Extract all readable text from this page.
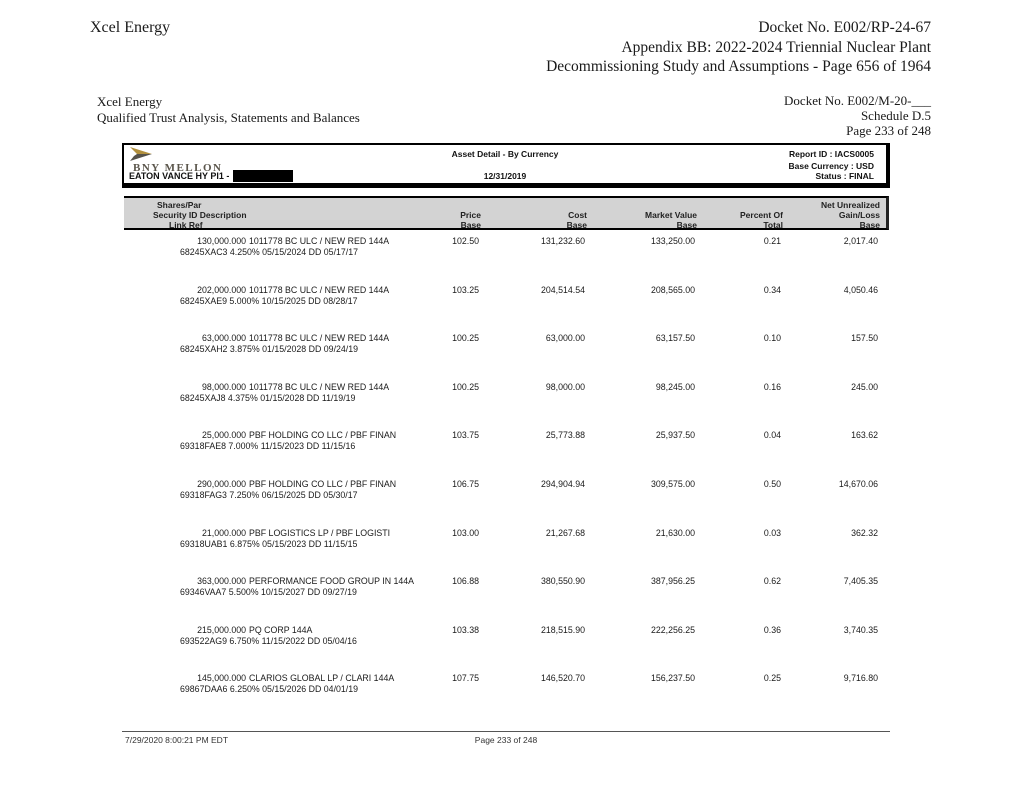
Xcel Energy	Docket No. E002/RP-24-67
Appendix BB: 2022-2024 Triennial Nuclear Plant
Decommissioning Study and Assumptions - Page 656 of 1964
Xcel Energy
Qualified Trust Analysis, Statements and Balances
Docket No. E002/M-20-___
Schedule D.5
Page 233 of 248
BNY MELLON
Asset Detail - By Currency	Report ID : IACS0005
Base Currency : USD
EATON VANCE HY PI1 -	12/31/2019	Status : FINAL
Shares/Par	Net Unrealized
Security ID Description	Price	Cost	Market Value	Percent Of	Gain/Loss
Link Ref	Base	Base	Base	Total	Base
130,000.000 1011778 BC ULC / NEW RED 144A	102.50	131,232.60	133,250.00	0.21	2,017.40
68245XAC3 4.250% 05/15/2024 DD 05/17/17
202,000.000 1011778 BC ULC / NEW RED 144A	103.25	204,514.54	208,565.00	0.34	4,050.46
68245XAE9 5.000% 10/15/2025 DD 08/28/17
63,000.000 1011778 BC ULC / NEW RED 144A	100.25	63,000.00	63,157.50	0.10	157.50
68245XAH2 3.875% 01/15/2028 DD 09/24/19
98,000.000 1011778 BC ULC / NEW RED 144A	100.25	98,000.00	98,245.00	0.16	245.00
68245XAJ8 4.375% 01/15/2028 DD 11/19/19
25,000.000 PBF HOLDING CO LLC / PBF FINAN	103.75	25,773.88	25,937.50	0.04	163.62
69318FAE8 7.000% 11/15/2023 DD 11/15/16
290,000.000 PBF HOLDING CO LLC / PBF FINAN	106.75	294,904.94	309,575.00	0.50	14,670.06
69318FAG3 7.250% 06/15/2025 DD 05/30/17
21,000.000 PBF LOGISTICS LP / PBF LOGISTI	103.00	21,267.68	21,630.00	0.03	362.32
69318UAB1 6.875% 05/15/2023 DD 11/15/15
363,000.000 PERFORMANCE FOOD GROUP IN 144A	106.88	380,550.90	387,956.25	0.62	7,405.35
69346VAA7 5.500% 10/15/2027 DD 09/27/19
215,000.000 PQ CORP 144A	103.38	218,515.90	222,256.25	0.36	3,740.35
693522AG9 6.750% 11/15/2022 DD 05/04/16
145,000.000 CLARIOS GLOBAL LP / CLARI 144A	107.75	146,520.70	156,237.50	0.25	9,716.80
69867DAA6 6.250% 05/15/2026 DD 04/01/19
7/29/2020 8:00:21 PM EDT	Page 233 of 248
